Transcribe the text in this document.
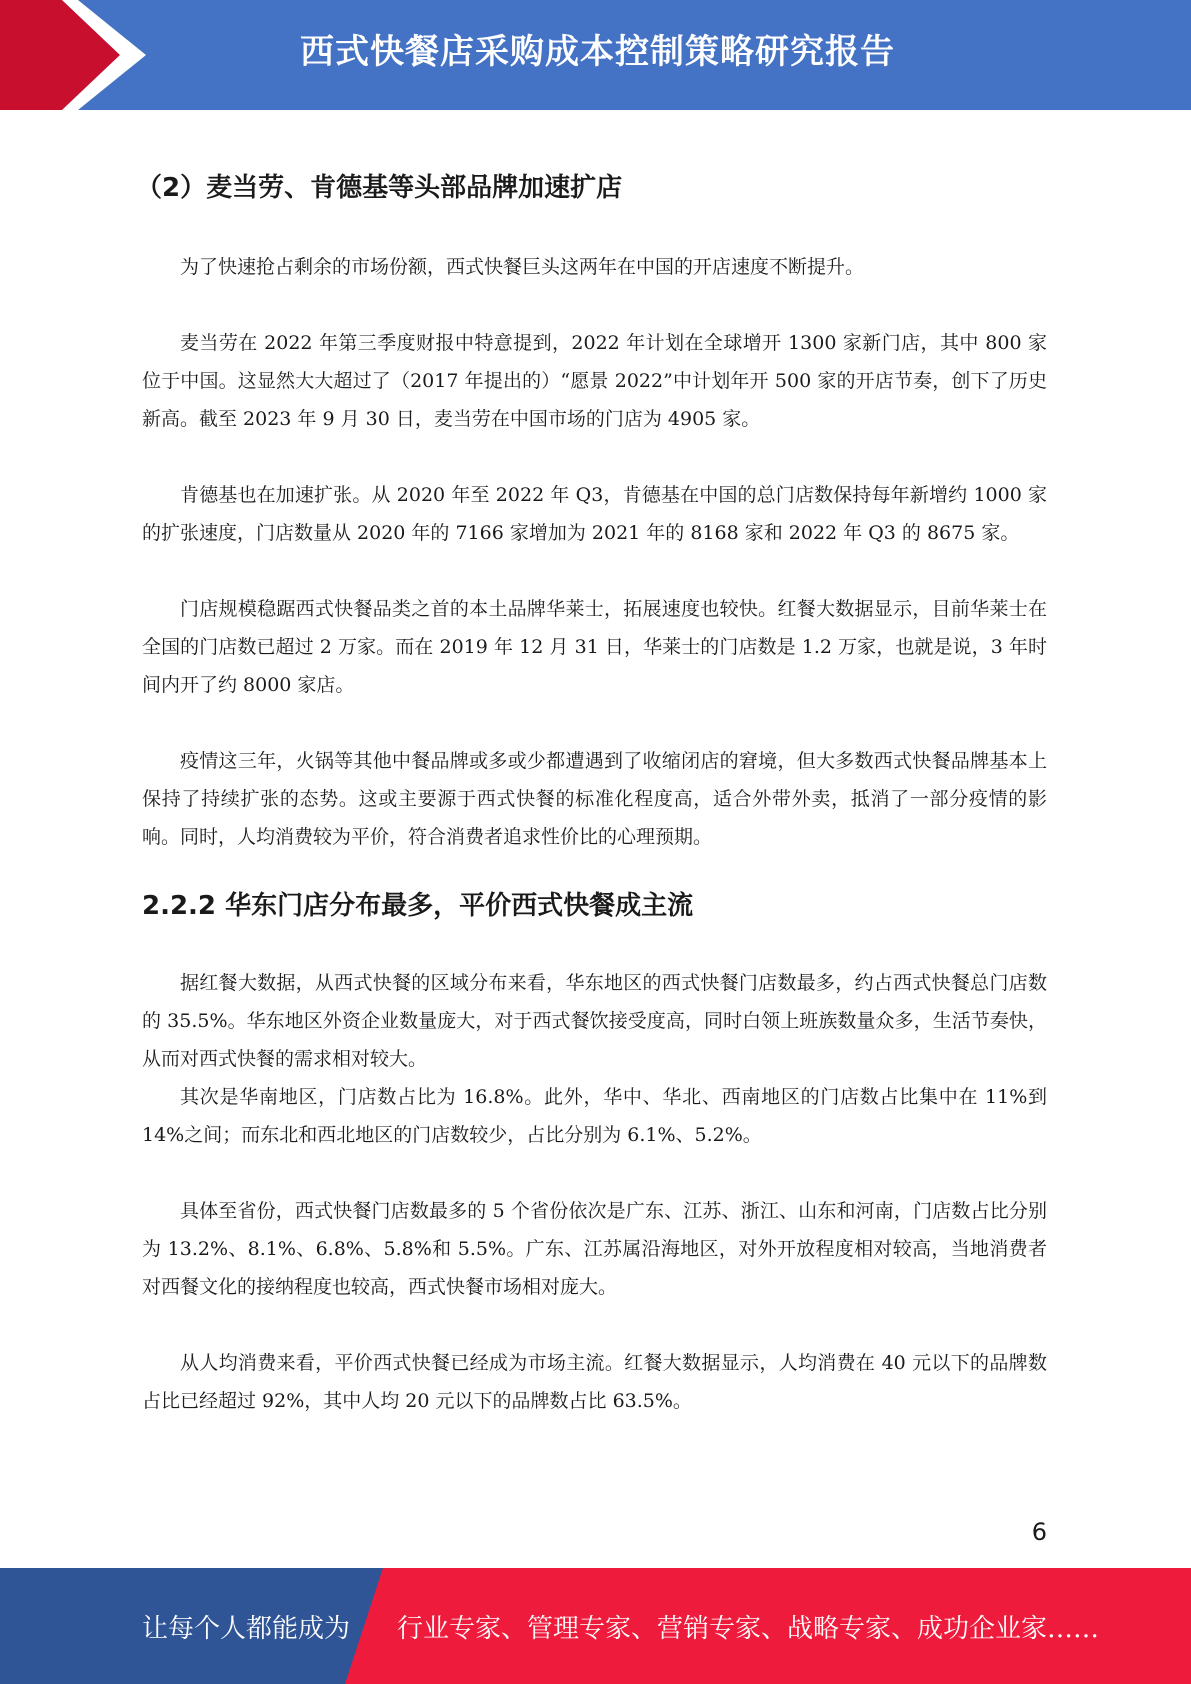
西式快餐店采购成本控制策略研究报告
（2）麦当劳、肯德基等头部品牌加速扩店

为了快速抢占剩余的市场份额，西式快餐巨头这两年在中国的开店速度不断提升。

麦当劳在 2022 年第三季度财报中特意提到，2022 年计划在全球增开 1300 家新门店，其中 800 家位于中国。这显然大大超过了（2017 年提出的）“愿景 2022”中计划年开 500 家的开店节奏，创下了历史新高。截至 2023 年 9 月 30 日，麦当劳在中国市场的门店为 4905 家。

肯德基也在加速扩张。从 2020 年至 2022 年 Q3，肯德基在中国的总门店数保持每年新增约 1000 家的扩张速度，门店数量从 2020 年的 7166 家增加为 2021 年的 8168 家和 2022 年 Q3 的 8675 家。

门店规模稳踞西式快餐品类之首的本土品牌华莱士，拓展速度也较快。红餐大数据显示，目前华莱士在全国的门店数已超过 2 万家。而在 2019 年 12 月 31 日，华莱士的门店数是 1.2 万家，也就是说，3 年时间内开了约 8000 家店。

疫情这三年，火锅等其他中餐品牌或多或少都遭遇到了收缩闭店的窘境，但大多数西式快餐品牌基本上保持了持续扩张的态势。这或主要源于西式快餐的标准化程度高，适合外带外卖，抵消了一部分疫情的影响。同时，人均消费较为平价，符合消费者追求性价比的心理预期。

2.2.2 华东门店分布最多，平价西式快餐成主流

据红餐大数据，从西式快餐的区域分布来看，华东地区的西式快餐门店数最多，约占西式快餐总门店数的 35.5%。华东地区外资企业数量庞大，对于西式餐饮接受度高，同时白领上班族数量众多，生活节奏快，从而对西式快餐的需求相对较大。

其次是华南地区，门店数占比为 16.8%。此外，华中、华北、西南地区的门店数占比集中在 11%到 14%之间；而东北和西北地区的门店数较少，占比分别为 6.1%、5.2%。

具体至省份，西式快餐门店数最多的 5 个省份依次是广东、江苏、浙江、山东和河南，门店数占比分别为 13.2%、8.1%、6.8%、5.8%和 5.5%。广东、江苏属沿海地区，对外开放程度相对较高，当地消费者对西餐文化的接纳程度也较高，西式快餐市场相对庞大。

从人均消费来看，平价西式快餐已经成为市场主流。红餐大数据显示，人均消费在 40 元以下的品牌数占比已经超过 92%，其中人均 20 元以下的品牌数占比 63.5%。

6
让每个人都能成为 行业专家、管理专家、营销专家、战略专家、成功企业家……
